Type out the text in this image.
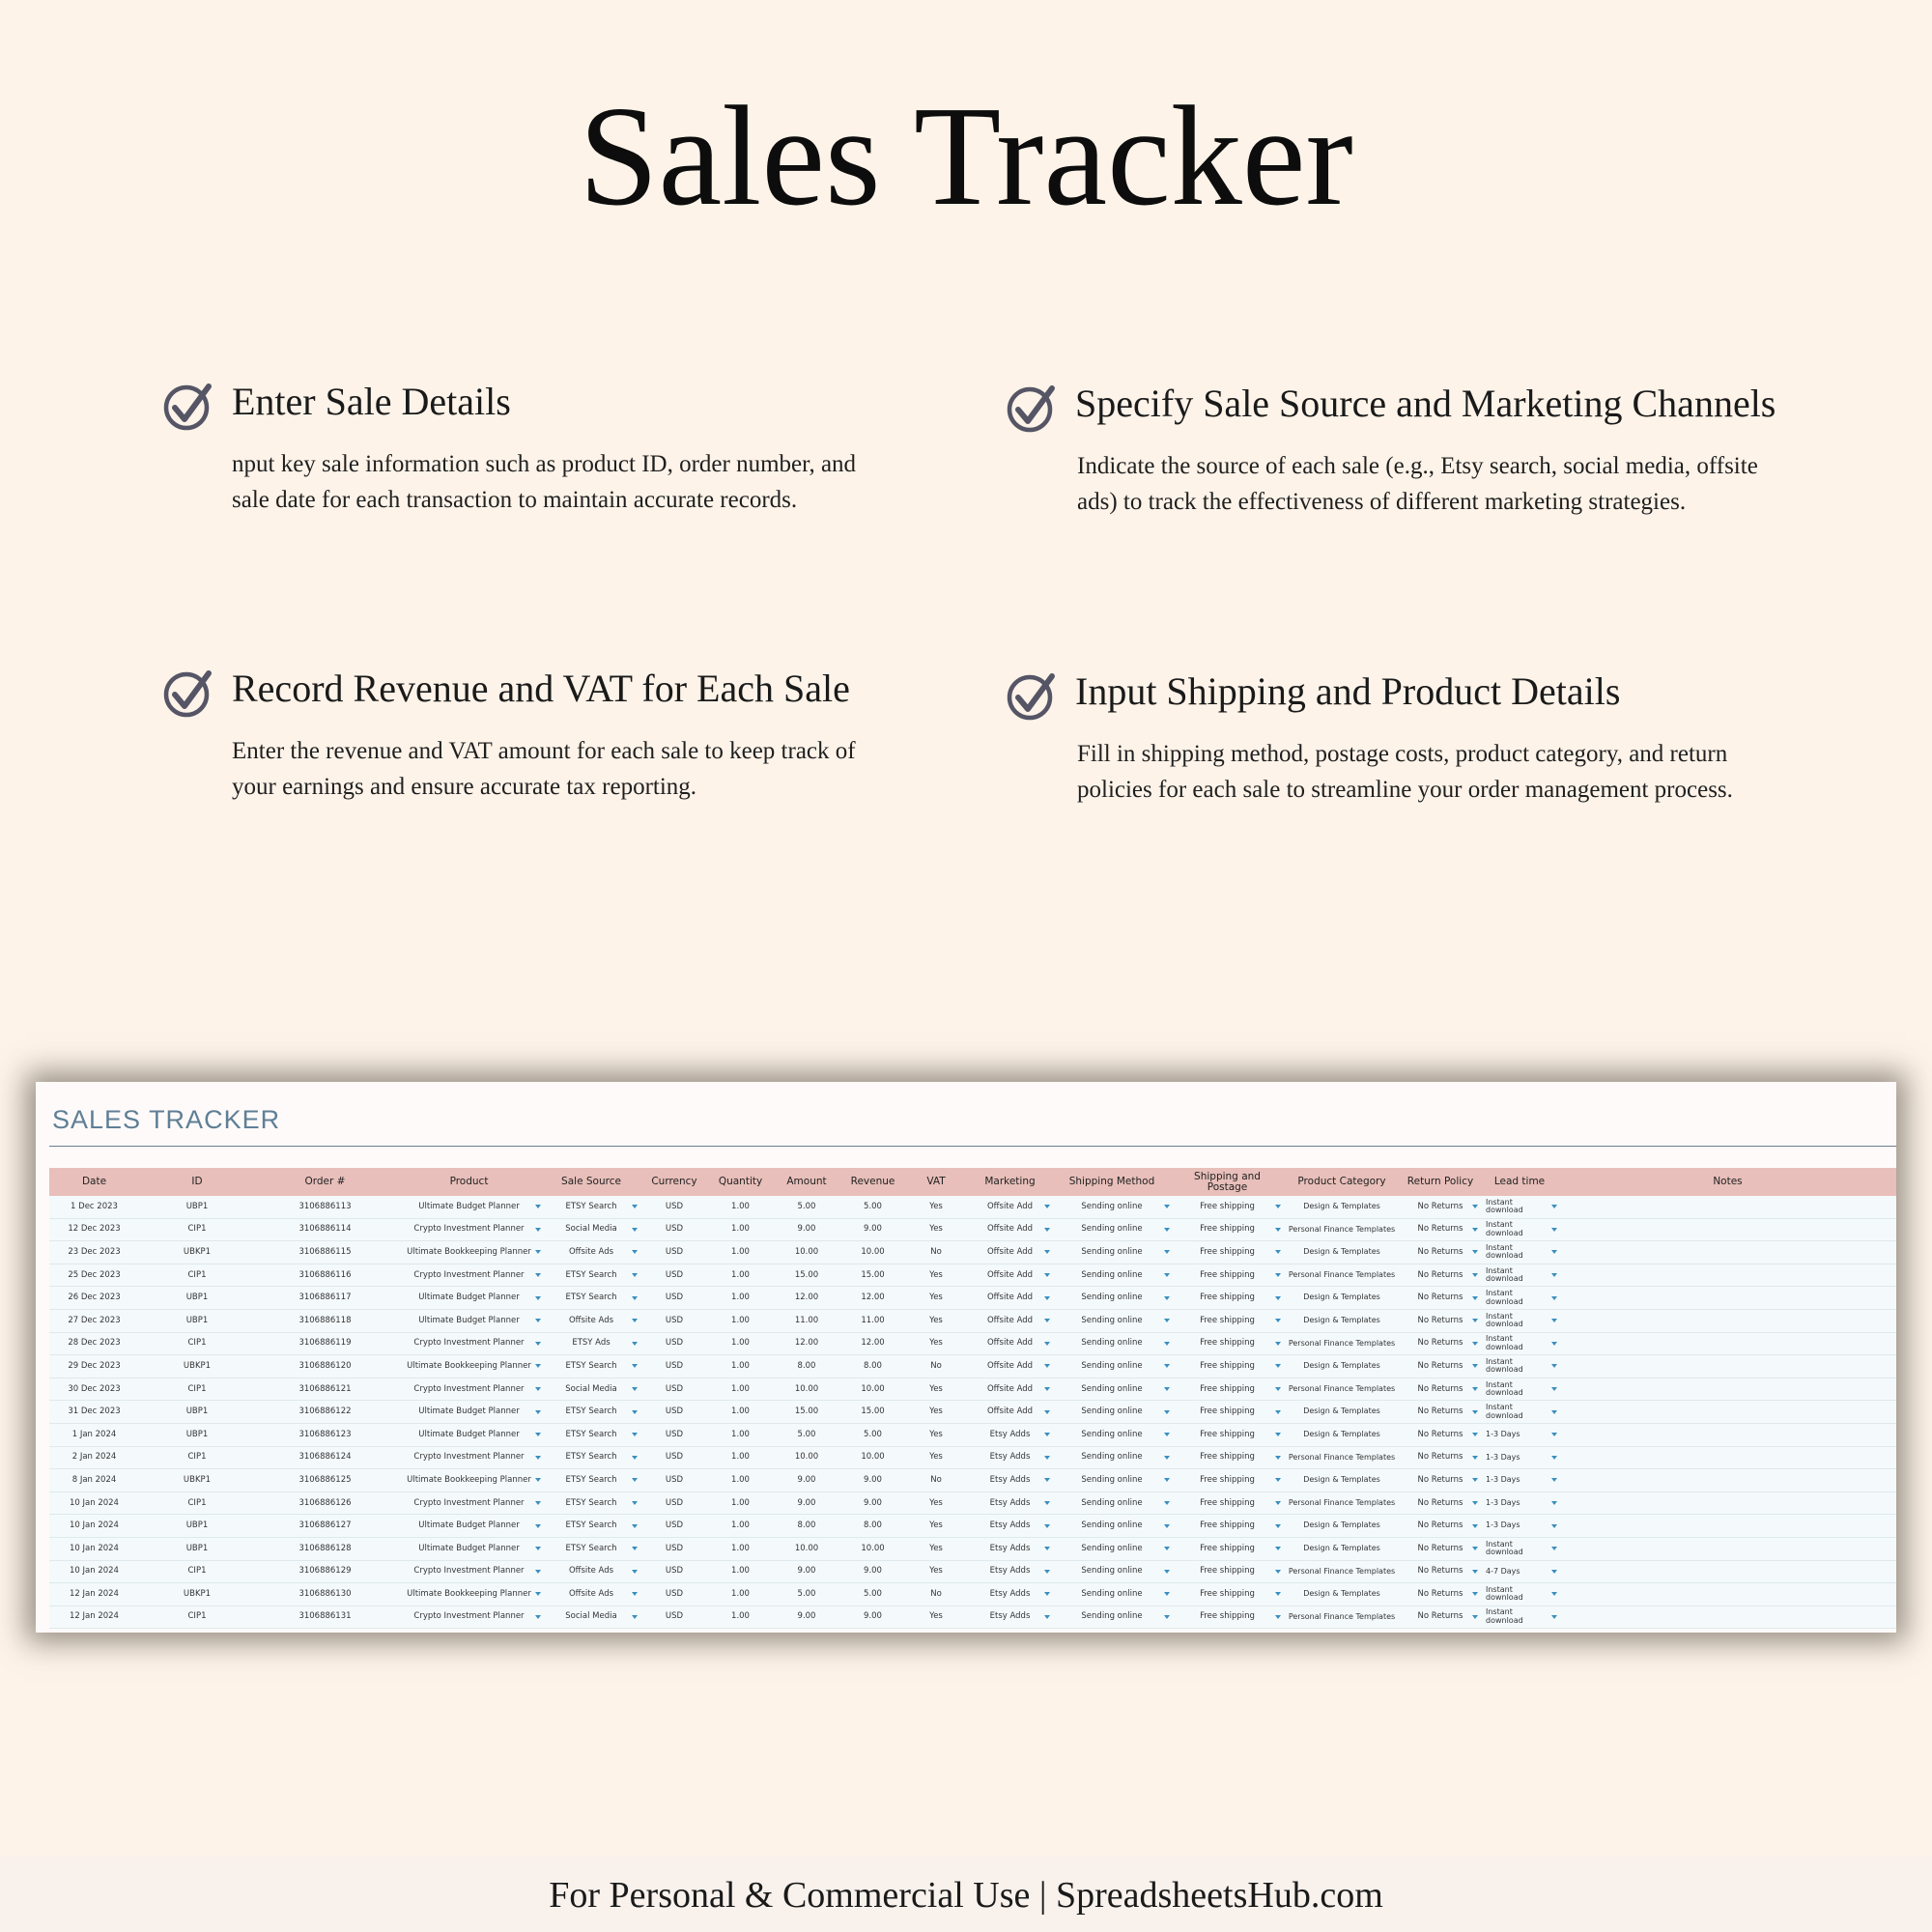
Sales Tracker
Enter Sale Details

nput key sale information such as product ID, order number, and sale date for each transaction to maintain accurate records.

Specify Sale Source and Marketing Channels

Indicate the source of each sale (e.g., Etsy search, social media, offsite ads) to track the effectiveness of different marketing strategies.

Record Revenue and VAT for Each Sale

Enter the revenue and VAT amount for each sale to keep track of your earnings and ensure accurate tax reporting.

Input Shipping and Product Details

Fill in shipping method, postage costs, product category, and return policies for each sale to streamline your order management process.

SALES TRACKER
Date	ID	Order #	Product	Sale Source	Currency	Quantity	Amount	Revenue	VAT	Marketing	Shipping Method	Shipping and Postage	Product Category	Return Policy	Lead time	Notes
1 Dec 2023	UBP1	3106886113	Ultimate Budget Planner	ETSY Search	USD	1.00	5.00	5.00	Yes	Offsite Add	Sending online	Free shipping	Design & Templates	No Returns	Instant download	

12 Dec 2023	CIP1	3106886114	Crypto Investment Planner	Social Media	USD	1.00	9.00	9.00	Yes	Offsite Add	Sending online	Free shipping	Personal Finance Templates	No Returns	Instant download	

23 Dec 2023	UBKP1	3106886115	Ultimate Bookkeeping Planner	Offsite Ads	USD	1.00	10.00	10.00	No	Offsite Add	Sending online	Free shipping	Design & Templates	No Returns	Instant download	

25 Dec 2023	CIP1	3106886116	Crypto Investment Planner	ETSY Search	USD	1.00	15.00	15.00	Yes	Offsite Add	Sending online	Free shipping	Personal Finance Templates	No Returns	Instant download	

26 Dec 2023	UBP1	3106886117	Ultimate Budget Planner	ETSY Search	USD	1.00	12.00	12.00	Yes	Offsite Add	Sending online	Free shipping	Design & Templates	No Returns	Instant download	

27 Dec 2023	UBP1	3106886118	Ultimate Budget Planner	Offsite Ads	USD	1.00	11.00	11.00	Yes	Offsite Add	Sending online	Free shipping	Design & Templates	No Returns	Instant download	

28 Dec 2023	CIP1	3106886119	Crypto Investment Planner	ETSY Ads	USD	1.00	12.00	12.00	Yes	Offsite Add	Sending online	Free shipping	Personal Finance Templates	No Returns	Instant download	

29 Dec 2023	UBKP1	3106886120	Ultimate Bookkeeping Planner	ETSY Search	USD	1.00	8.00	8.00	No	Offsite Add	Sending online	Free shipping	Design & Templates	No Returns	Instant download	

30 Dec 2023	CIP1	3106886121	Crypto Investment Planner	Social Media	USD	1.00	10.00	10.00	Yes	Offsite Add	Sending online	Free shipping	Personal Finance Templates	No Returns	Instant download	

31 Dec 2023	UBP1	3106886122	Ultimate Budget Planner	ETSY Search	USD	1.00	15.00	15.00	Yes	Offsite Add	Sending online	Free shipping	Design & Templates	No Returns	Instant download	

1 Jan 2024	UBP1	3106886123	Ultimate Budget Planner	ETSY Search	USD	1.00	5.00	5.00	Yes	Etsy Adds	Sending online	Free shipping	Design & Templates	No Returns	1-3 Days	

2 Jan 2024	CIP1	3106886124	Crypto Investment Planner	ETSY Search	USD	1.00	10.00	10.00	Yes	Etsy Adds	Sending online	Free shipping	Personal Finance Templates	No Returns	1-3 Days	

8 Jan 2024	UBKP1	3106886125	Ultimate Bookkeeping Planner	ETSY Search	USD	1.00	9.00	9.00	No	Etsy Adds	Sending online	Free shipping	Design & Templates	No Returns	1-3 Days	

10 Jan 2024	CIP1	3106886126	Crypto Investment Planner	ETSY Search	USD	1.00	9.00	9.00	Yes	Etsy Adds	Sending online	Free shipping	Personal Finance Templates	No Returns	1-3 Days	

10 Jan 2024	UBP1	3106886127	Ultimate Budget Planner	ETSY Search	USD	1.00	8.00	8.00	Yes	Etsy Adds	Sending online	Free shipping	Design & Templates	No Returns	1-3 Days	

10 Jan 2024	UBP1	3106886128	Ultimate Budget Planner	ETSY Search	USD	1.00	10.00	10.00	Yes	Etsy Adds	Sending online	Free shipping	Design & Templates	No Returns	Instant download	

10 Jan 2024	CIP1	3106886129	Crypto Investment Planner	Offsite Ads	USD	1.00	9.00	9.00	Yes	Etsy Adds	Sending online	Free shipping	Personal Finance Templates	No Returns	4-7 Days	

12 Jan 2024	UBKP1	3106886130	Ultimate Bookkeeping Planner	Offsite Ads	USD	1.00	5.00	5.00	No	Etsy Adds	Sending online	Free shipping	Design & Templates	No Returns	Instant download	

12 Jan 2024	CIP1	3106886131	Crypto Investment Planner	Social Media	USD	1.00	9.00	9.00	Yes	Etsy Adds	Sending online	Free shipping	Personal Finance Templates	No Returns	Instant download	

For Personal & Commercial Use | SpreadsheetsHub.com
